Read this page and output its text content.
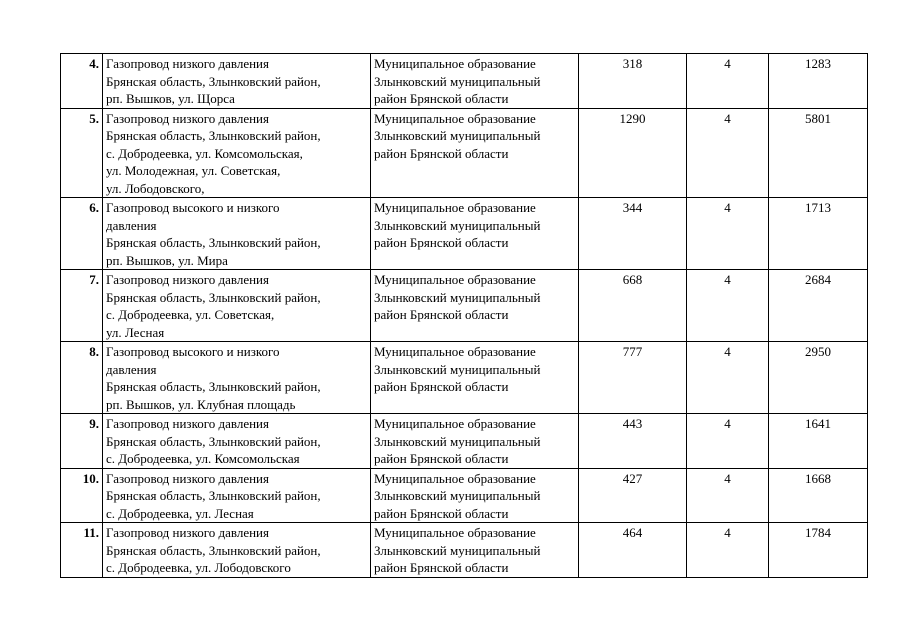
4.	Газопровод низкого давления
Брянская область, Злынковский район,
рп. Вышков, ул. Щорса	Муниципальное образование
Злынковский муниципальный
район Брянской области	318	4	1283
5.	Газопровод низкого давления
Брянская область, Злынковский район,
с. Добродеевка, ул. Комсомольская,
ул. Молодежная, ул. Советская,
ул. Лободовского,	Муниципальное образование
Злынковский муниципальный
район Брянской области	1290	4	5801
6.	Газопровод высокого и низкого
давления
Брянская область, Злынковский район,
рп. Вышков, ул. Мира	Муниципальное образование
Злынковский муниципальный
район Брянской области	344	4	1713
7.	Газопровод низкого давления
Брянская область, Злынковский район,
с. Добродеевка, ул. Советская,
ул. Лесная	Муниципальное образование
Злынковский муниципальный
район Брянской области	668	4	2684
8.	Газопровод высокого и низкого
давления
Брянская область, Злынковский район,
рп. Вышков, ул. Клубная площадь	Муниципальное образование
Злынковский муниципальный
район Брянской области	777	4	2950
9.	Газопровод низкого давления
Брянская область, Злынковский район,
с. Добродеевка, ул. Комсомольская	Муниципальное образование
Злынковский муниципальный
район Брянской области	443	4	1641
10.	Газопровод низкого давления
Брянская область, Злынковский район,
с. Добродеевка, ул. Лесная	Муниципальное образование
Злынковский муниципальный
район Брянской области	427	4	1668
11.	Газопровод низкого давления
Брянская область, Злынковский район,
с. Добродеевка, ул. Лободовского	Муниципальное образование
Злынковский муниципальный
район Брянской области	464	4	1784
